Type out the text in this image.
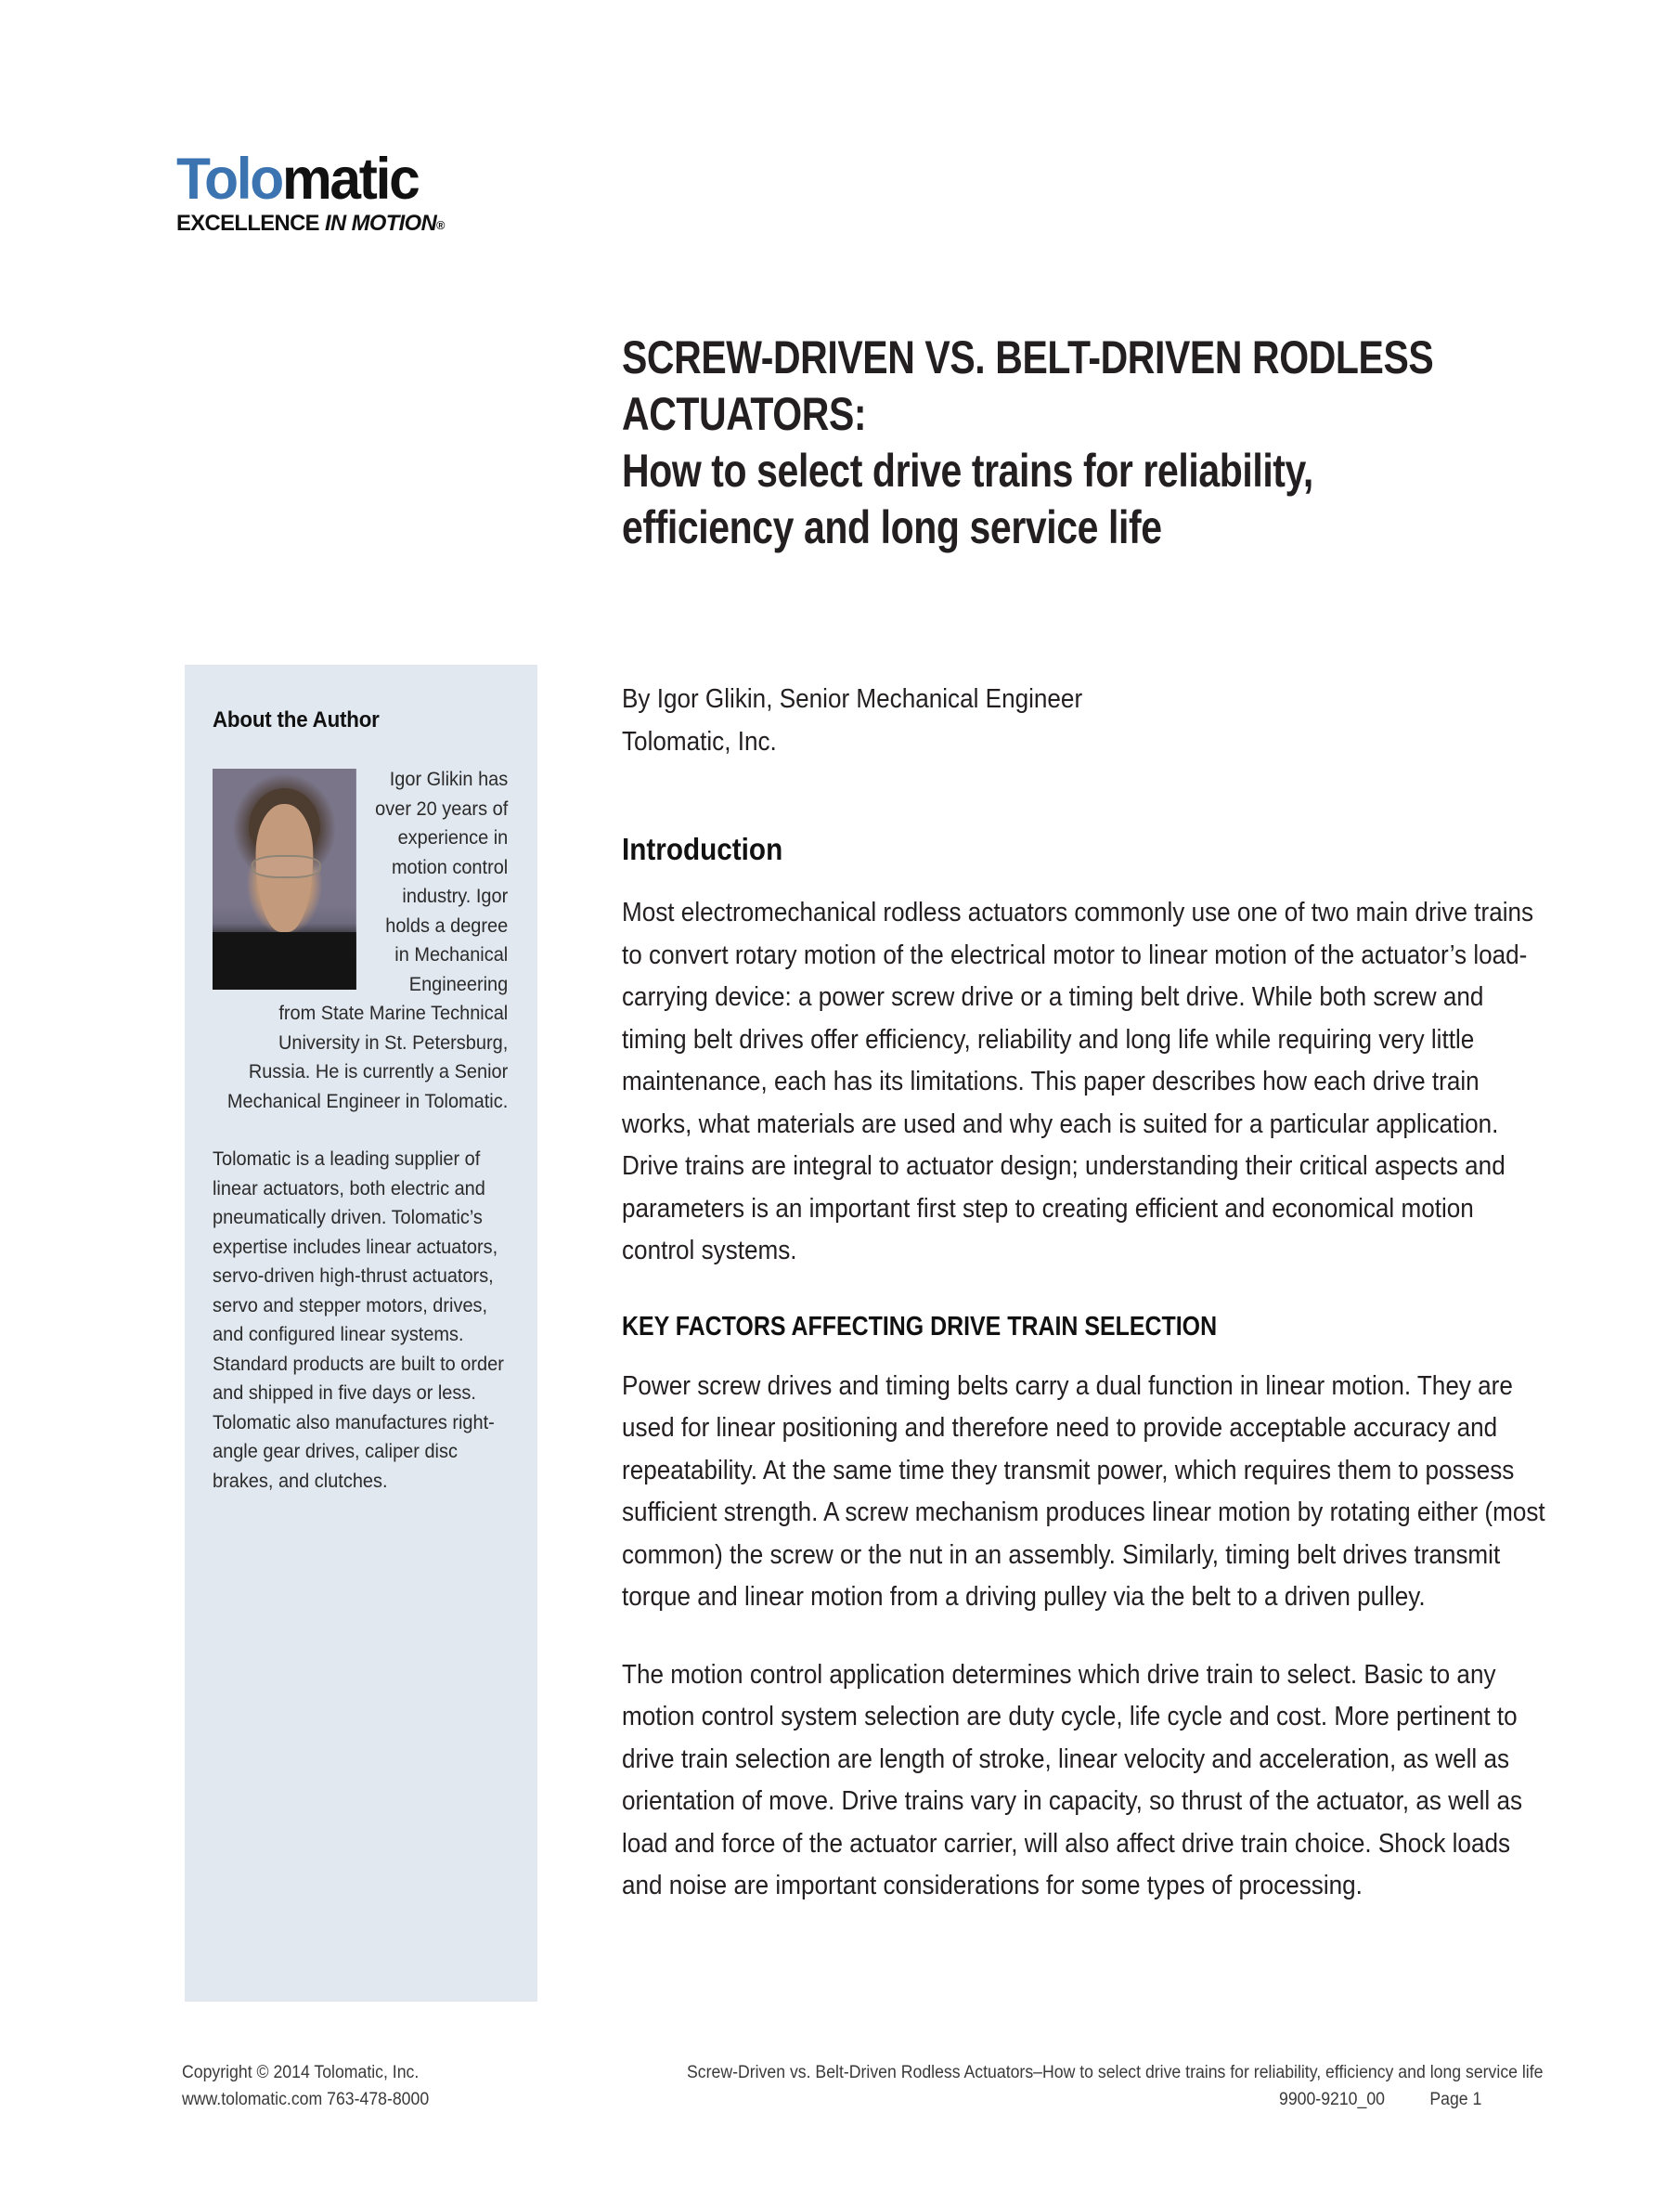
Tolomatic
EXCELLENCE IN MOTION®
SCREW-DRIVEN VS. BELT-DRIVEN RODLESS
ACTUATORS:
How to select drive trains for reliability,
efficiency and long service life
By Igor Glikin, Senior Mechanical Engineer
Tolomatic, Inc.
About the Author

Igor Glikin has over 20 years of experience in motion control industry. Igor holds a degree in Mechanical Engineering from State Marine Technical University in St. Petersburg, Russia. He is currently a Senior Mechanical Engineer in Tolomatic.

Tolomatic is a leading supplier of linear actuators, both electric and pneumatically driven. Tolomatic’s expertise includes linear actuators, servo-driven high-thrust actuators, servo and stepper motors, drives, and configured linear systems. Standard products are built to order and shipped in five days or less. Tolomatic also manufactures right-angle gear drives, caliper disc brakes, and clutches.

Introduction

Most electromechanical rodless actuators commonly use one of two main drive trains to convert rotary motion of the electrical motor to linear motion of the actuator’s load-carrying device: a power screw drive or a timing belt drive. While both screw and timing belt drives offer efficiency, reliability and long life while requiring very little maintenance, each has its limitations. This paper describes how each drive train works, what materials are used and why each is suited for a particular application. Drive trains are integral to actuator design; understanding their critical aspects and parameters is an important first step to creating efficient and economical motion control systems.

KEY FACTORS AFFECTING DRIVE TRAIN SELECTION

Power screw drives and timing belts carry a dual function in linear motion. They are used for linear positioning and therefore need to provide acceptable accuracy and repeatability. At the same time they transmit power, which requires them to possess sufficient strength. A screw mechanism produces linear motion by rotating either (most common) the screw or the nut in an assembly. Similarly, timing belt drives transmit torque and linear motion from a driving pulley via the belt to a driven pulley.

The motion control application determines which drive train to select. Basic to any motion control system selection are duty cycle, life cycle and cost. More pertinent to drive train selection are length of stroke, linear velocity and acceleration, as well as orientation of move. Drive trains vary in capacity, so thrust of the actuator, as well as load and force of the actuator carrier, will also affect drive train choice. Shock loads and noise are important considerations for some types of processing.

Copyright © 2014 Tolomatic, Inc.
www.tolomatic.com 763-478-8000
Screw-Driven vs. Belt-Driven Rodless Actuators–How to select drive trains for reliability, efficiency and long service life
9900-9210_00	Page 1
